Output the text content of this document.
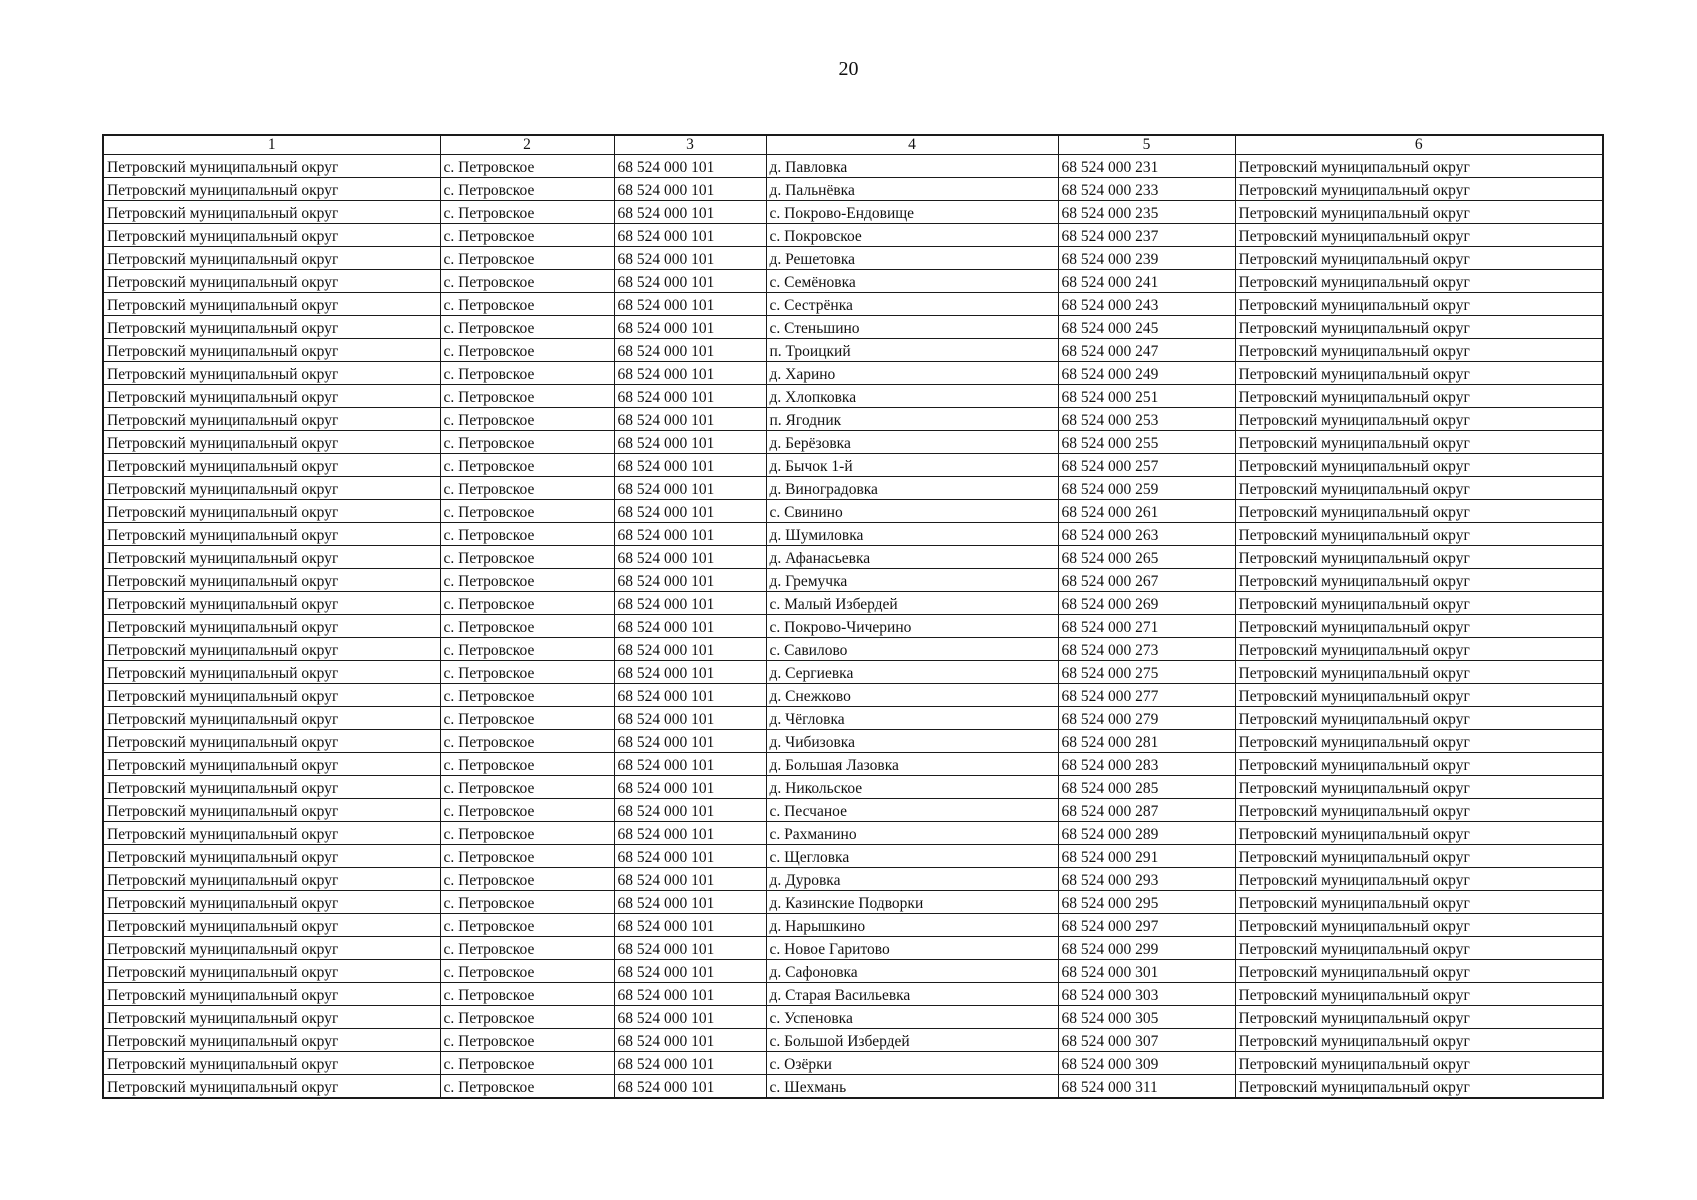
20
1	2	3	4	5	6
Петровский муниципальный округ	с. Петровское	68 524 000 101	д. Павловка	68 524 000 231	Петровский муниципальный округ
Петровский муниципальный округ	с. Петровское	68 524 000 101	д. Пальнёвка	68 524 000 233	Петровский муниципальный округ
Петровский муниципальный округ	с. Петровское	68 524 000 101	с. Покрово-Ендовище	68 524 000 235	Петровский муниципальный округ
Петровский муниципальный округ	с. Петровское	68 524 000 101	с. Покровское	68 524 000 237	Петровский муниципальный округ
Петровский муниципальный округ	с. Петровское	68 524 000 101	д. Решетовка	68 524 000 239	Петровский муниципальный округ
Петровский муниципальный округ	с. Петровское	68 524 000 101	с. Семёновка	68 524 000 241	Петровский муниципальный округ
Петровский муниципальный округ	с. Петровское	68 524 000 101	с. Сестрёнка	68 524 000 243	Петровский муниципальный округ
Петровский муниципальный округ	с. Петровское	68 524 000 101	с. Стеньшино	68 524 000 245	Петровский муниципальный округ
Петровский муниципальный округ	с. Петровское	68 524 000 101	п. Троицкий	68 524 000 247	Петровский муниципальный округ
Петровский муниципальный округ	с. Петровское	68 524 000 101	д. Харино	68 524 000 249	Петровский муниципальный округ
Петровский муниципальный округ	с. Петровское	68 524 000 101	д. Хлопковка	68 524 000 251	Петровский муниципальный округ
Петровский муниципальный округ	с. Петровское	68 524 000 101	п. Ягодник	68 524 000 253	Петровский муниципальный округ
Петровский муниципальный округ	с. Петровское	68 524 000 101	д. Берёзовка	68 524 000 255	Петровский муниципальный округ
Петровский муниципальный округ	с. Петровское	68 524 000 101	д. Бычок 1-й	68 524 000 257	Петровский муниципальный округ
Петровский муниципальный округ	с. Петровское	68 524 000 101	д. Виноградовка	68 524 000 259	Петровский муниципальный округ
Петровский муниципальный округ	с. Петровское	68 524 000 101	с. Свинино	68 524 000 261	Петровский муниципальный округ
Петровский муниципальный округ	с. Петровское	68 524 000 101	д. Шумиловка	68 524 000 263	Петровский муниципальный округ
Петровский муниципальный округ	с. Петровское	68 524 000 101	д. Афанасьевка	68 524 000 265	Петровский муниципальный округ
Петровский муниципальный округ	с. Петровское	68 524 000 101	д. Гремучка	68 524 000 267	Петровский муниципальный округ
Петровский муниципальный округ	с. Петровское	68 524 000 101	с. Малый Избердей	68 524 000 269	Петровский муниципальный округ
Петровский муниципальный округ	с. Петровское	68 524 000 101	с. Покрово-Чичерино	68 524 000 271	Петровский муниципальный округ
Петровский муниципальный округ	с. Петровское	68 524 000 101	с. Савилово	68 524 000 273	Петровский муниципальный округ
Петровский муниципальный округ	с. Петровское	68 524 000 101	д. Сергиевка	68 524 000 275	Петровский муниципальный округ
Петровский муниципальный округ	с. Петровское	68 524 000 101	д. Снежково	68 524 000 277	Петровский муниципальный округ
Петровский муниципальный округ	с. Петровское	68 524 000 101	д. Чёгловка	68 524 000 279	Петровский муниципальный округ
Петровский муниципальный округ	с. Петровское	68 524 000 101	д. Чибизовка	68 524 000 281	Петровский муниципальный округ
Петровский муниципальный округ	с. Петровское	68 524 000 101	д. Большая Лазовка	68 524 000 283	Петровский муниципальный округ
Петровский муниципальный округ	с. Петровское	68 524 000 101	д. Никольское	68 524 000 285	Петровский муниципальный округ
Петровский муниципальный округ	с. Петровское	68 524 000 101	с. Песчаное	68 524 000 287	Петровский муниципальный округ
Петровский муниципальный округ	с. Петровское	68 524 000 101	с. Рахманино	68 524 000 289	Петровский муниципальный округ
Петровский муниципальный округ	с. Петровское	68 524 000 101	с. Щегловка	68 524 000 291	Петровский муниципальный округ
Петровский муниципальный округ	с. Петровское	68 524 000 101	д. Дуровка	68 524 000 293	Петровский муниципальный округ
Петровский муниципальный округ	с. Петровское	68 524 000 101	д. Казинские Подворки	68 524 000 295	Петровский муниципальный округ
Петровский муниципальный округ	с. Петровское	68 524 000 101	д. Нарышкино	68 524 000 297	Петровский муниципальный округ
Петровский муниципальный округ	с. Петровское	68 524 000 101	с. Новое Гаритово	68 524 000 299	Петровский муниципальный округ
Петровский муниципальный округ	с. Петровское	68 524 000 101	д. Сафоновка	68 524 000 301	Петровский муниципальный округ
Петровский муниципальный округ	с. Петровское	68 524 000 101	д. Старая Васильевка	68 524 000 303	Петровский муниципальный округ
Петровский муниципальный округ	с. Петровское	68 524 000 101	с. Успеновка	68 524 000 305	Петровский муниципальный округ
Петровский муниципальный округ	с. Петровское	68 524 000 101	с. Большой Избердей	68 524 000 307	Петровский муниципальный округ
Петровский муниципальный округ	с. Петровское	68 524 000 101	с. Озёрки	68 524 000 309	Петровский муниципальный округ
Петровский муниципальный округ	с. Петровское	68 524 000 101	с. Шехмань	68 524 000 311	Петровский муниципальный округ
